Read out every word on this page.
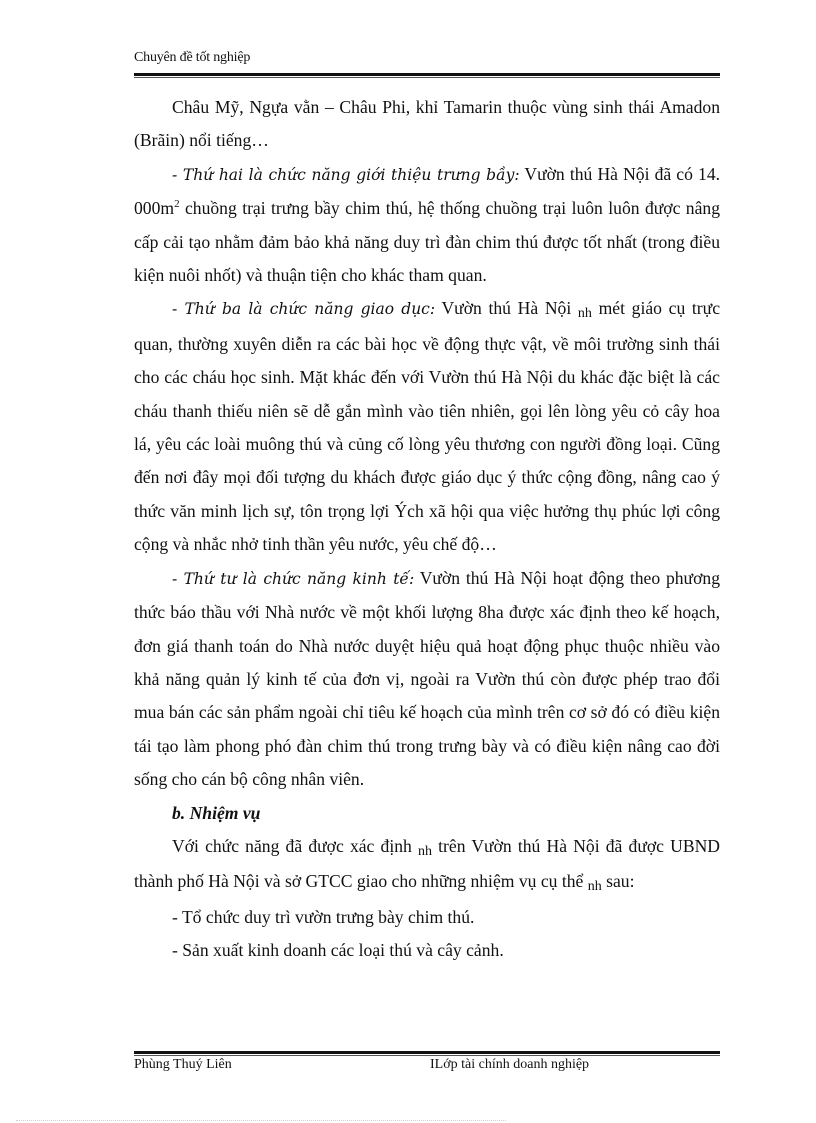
Chuyên đề tốt nghiệp

Châu Mỹ, Ngựa vằn – Châu Phi, khỉ Tamarin thuộc vùng sinh thái Amadon (Brãin) nổi tiếng…

- Thứ hai là chức năng giới thiệu trưng bầy: Vườn thú Hà Nội đã có 14. $000m^2$ chuồng trại trưng bầy chim thú, hệ thống chuồng trại luôn luôn được nâng cấp cải tạo nhằm đảm bảo khả năng duy trì đàn chim thú được tốt nhất (trong điều kiện nuôi nhốt) và thuận tiện cho khác tham quan.

- Thứ ba là chức năng giao dục: Vườn thú Hà Nội nh mét giáo cụ trực quan, thường xuyên diễn ra các bài học về động thực vật, về môi trường sinh thái cho các cháu học sinh. Mặt khác đến với Vườn thú Hà Nội du khác đặc biệt là các cháu thanh thiếu niên sẽ dễ gắn mình vào tiên nhiên, gọi lên lòng yêu cỏ cây hoa lá, yêu các loài muông thú và củng cố lòng yêu thương con người đồng loại. Cũng đến nơi đây mọi đối tượng du khách được giáo dục ý thức cộng đồng, nâng cao ý thức văn minh lịch sự, tôn trọng lợi Ých xã hội qua việc hưởng thụ phúc lợi công cộng và nhắc nhở tinh thần yêu nước, yêu chế độ…

- Thứ tư là chức năng kinh tế: Vườn thú Hà Nội hoạt động theo phương thức báo thầu với Nhà nước về một khối lượng 8ha được xác định theo kế hoạch, đơn giá thanh toán do Nhà nước duyệt hiệu quả hoạt động phục thuộc nhiều vào khả năng quản lý kinh tế của đơn vị, ngoài ra Vườn thú còn được phép trao đổi mua bán các sản phẩm ngoài chỉ tiêu kế hoạch của mình trên cơ sở đó có điều kiện tái tạo làm phong phó đàn chim thú trong trưng bày và có điều kiện nâng cao đời sống cho cán bộ công nhân viên.

b. Nhiệm vụ

Với chức năng đã được xác định nh trên Vườn thú Hà Nội đã được UBND thành phố Hà Nội và sở GTCC giao cho những nhiệm vụ cụ thể nh sau:

- Tổ chức duy trì vườn trưng bày chim thú.

- Sản xuất kinh doanh các loại thú và cây cảnh.

Phùng Thuý Liên	ILớp tài chính doanh nghiệp
